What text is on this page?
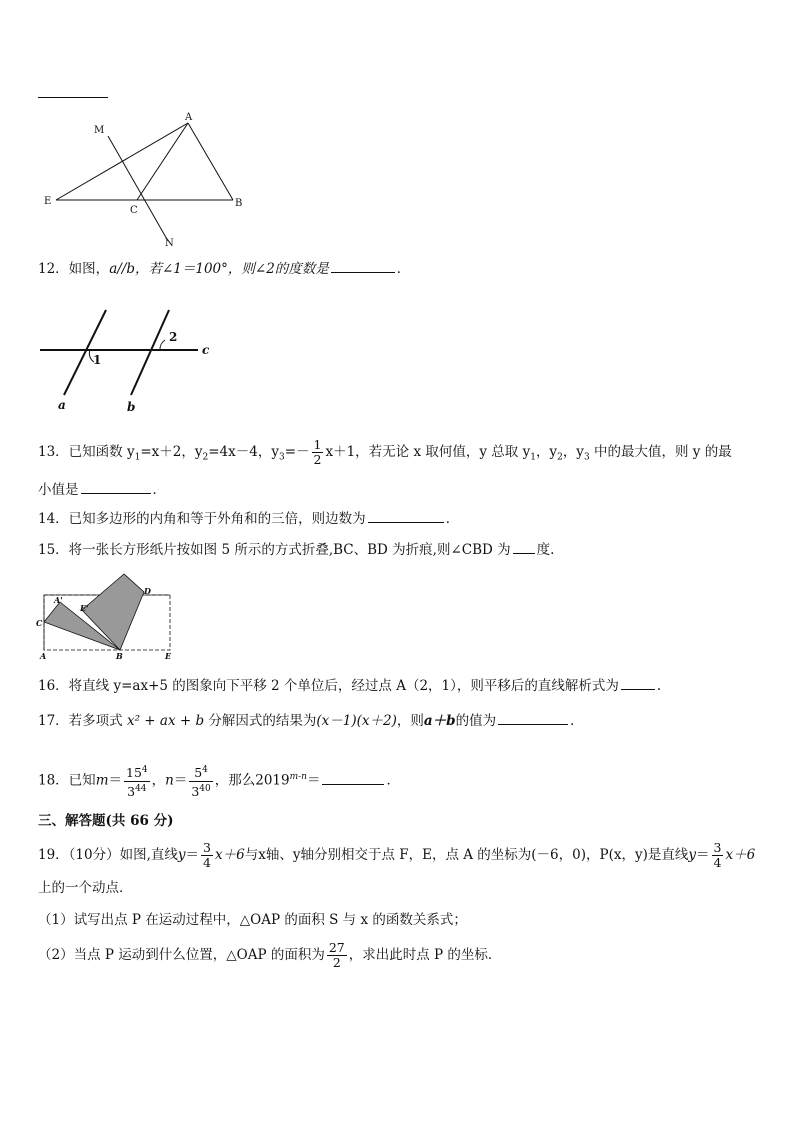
M
A
E
C
B
N
12．如图，a//b，若∠1＝100°，则∠2的度数是	．
1
2
c
a	b
13．已知函数 $y_1=x+2$，$y_2=4x-4$，$y_3=- \frac{1}{2} x+1$，若无论 x 取何值，y 总取 $y_1$，$y_2$，$y_3$ 中的最大值，则 y 的最
小值是	．
14．已知多边形的内角和等于外角和的三倍，则边数为	．
15．将一张长方形纸片按如图 5 所示的方式折叠,BC、BD 为折痕,则∠CBD 为 度.
A'
E'
D
C
A	B	E
16．将直线 y=ax+5 的图象向下平移 2 个单位后，经过点 A（2，1），则平移后的直线解析式为	.
17．若多项式 x² + ax + b 分解因式的结果为(x－1)(x＋2)，则a＋b的值为	．
18．已知$m= \frac{15^4}{3^{44}}$ ，$n= \frac{5^4}{3^{40}}$ ，那么$2019^{m-n}=$	．
三、解答题(共 66 分)
19．（10分）如图,直线$y= \frac{3}{4} x+6$与x轴、y轴分别相交于点 F，E，点 A 的坐标为(－6，0)，P(x，y)是直线$y= \frac{3}{4} x+6$
上的一个动点．
（1）试写出点 P 在运动过程中，△OAP 的面积 S 与 x 的函数关系式；
（2）当点 P 运动到什么位置，△OAP 的面积为 $\frac{27}{2}$ ，求出此时点 P 的坐标．
